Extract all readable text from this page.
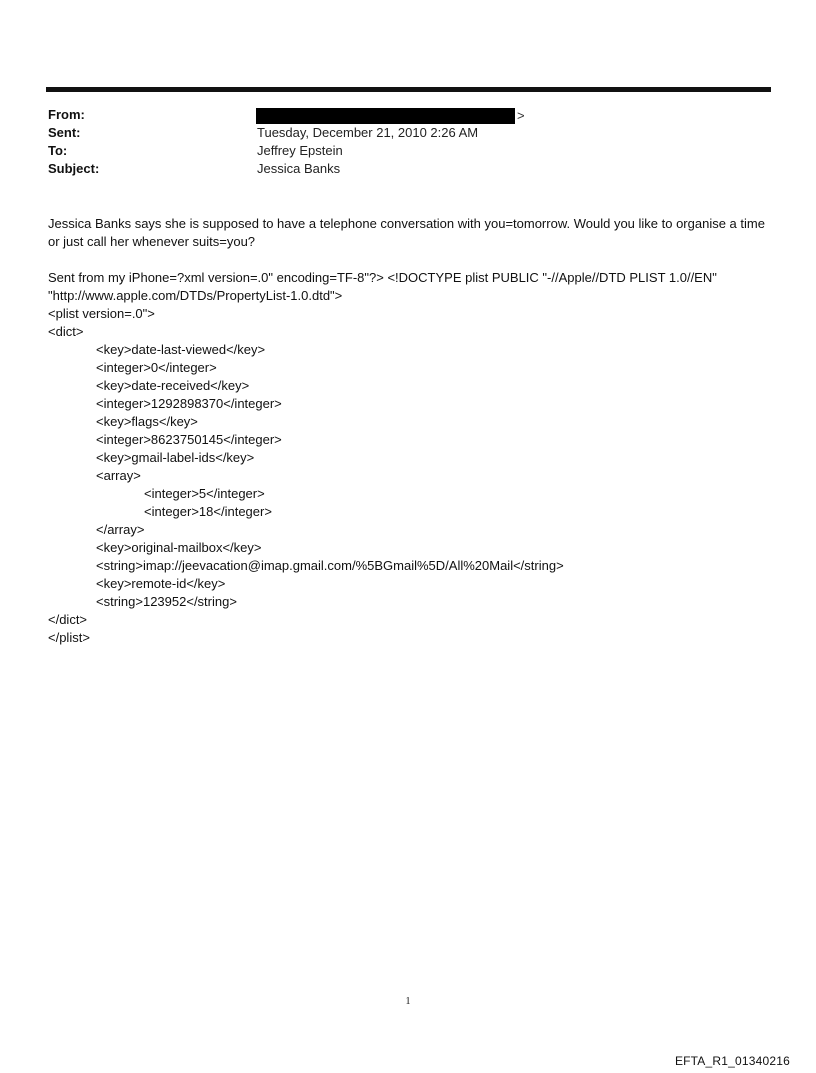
From:	>
Sent:	Tuesday, December 21, 2010 2:26 AM
To:	Jeffrey Epstein
Subject:	Jessica Banks
Jessica Banks says she is supposed to have a telephone conversation with you=tomorrow. Would you like to organise a time or just call her whenever suits=you?
Sent from my iPhone=?xml version=.0" encoding=TF-8"?> <!DOCTYPE plist PUBLIC "-//Apple//DTD PLIST 1.0//EN"
"http://www.apple.com/DTDs/PropertyList-1.0.dtd">
<plist version=.0">
<dict>
<key>date-last-viewed</key>
<integer>0</integer>
<key>date-received</key>
<integer>1292898370</integer>
<key>flags</key>
<integer>8623750145</integer>
<key>gmail-label-ids</key>
<array>
<integer>5</integer>
<integer>18</integer>
</array>
<key>original-mailbox</key>
<string>imap://jeevacation@imap.gmail.com/%5BGmail%5D/All%20Mail</string>
<key>remote-id</key>
<string>123952</string>
</dict>
</plist>
1
EFTA_R1_01340216
